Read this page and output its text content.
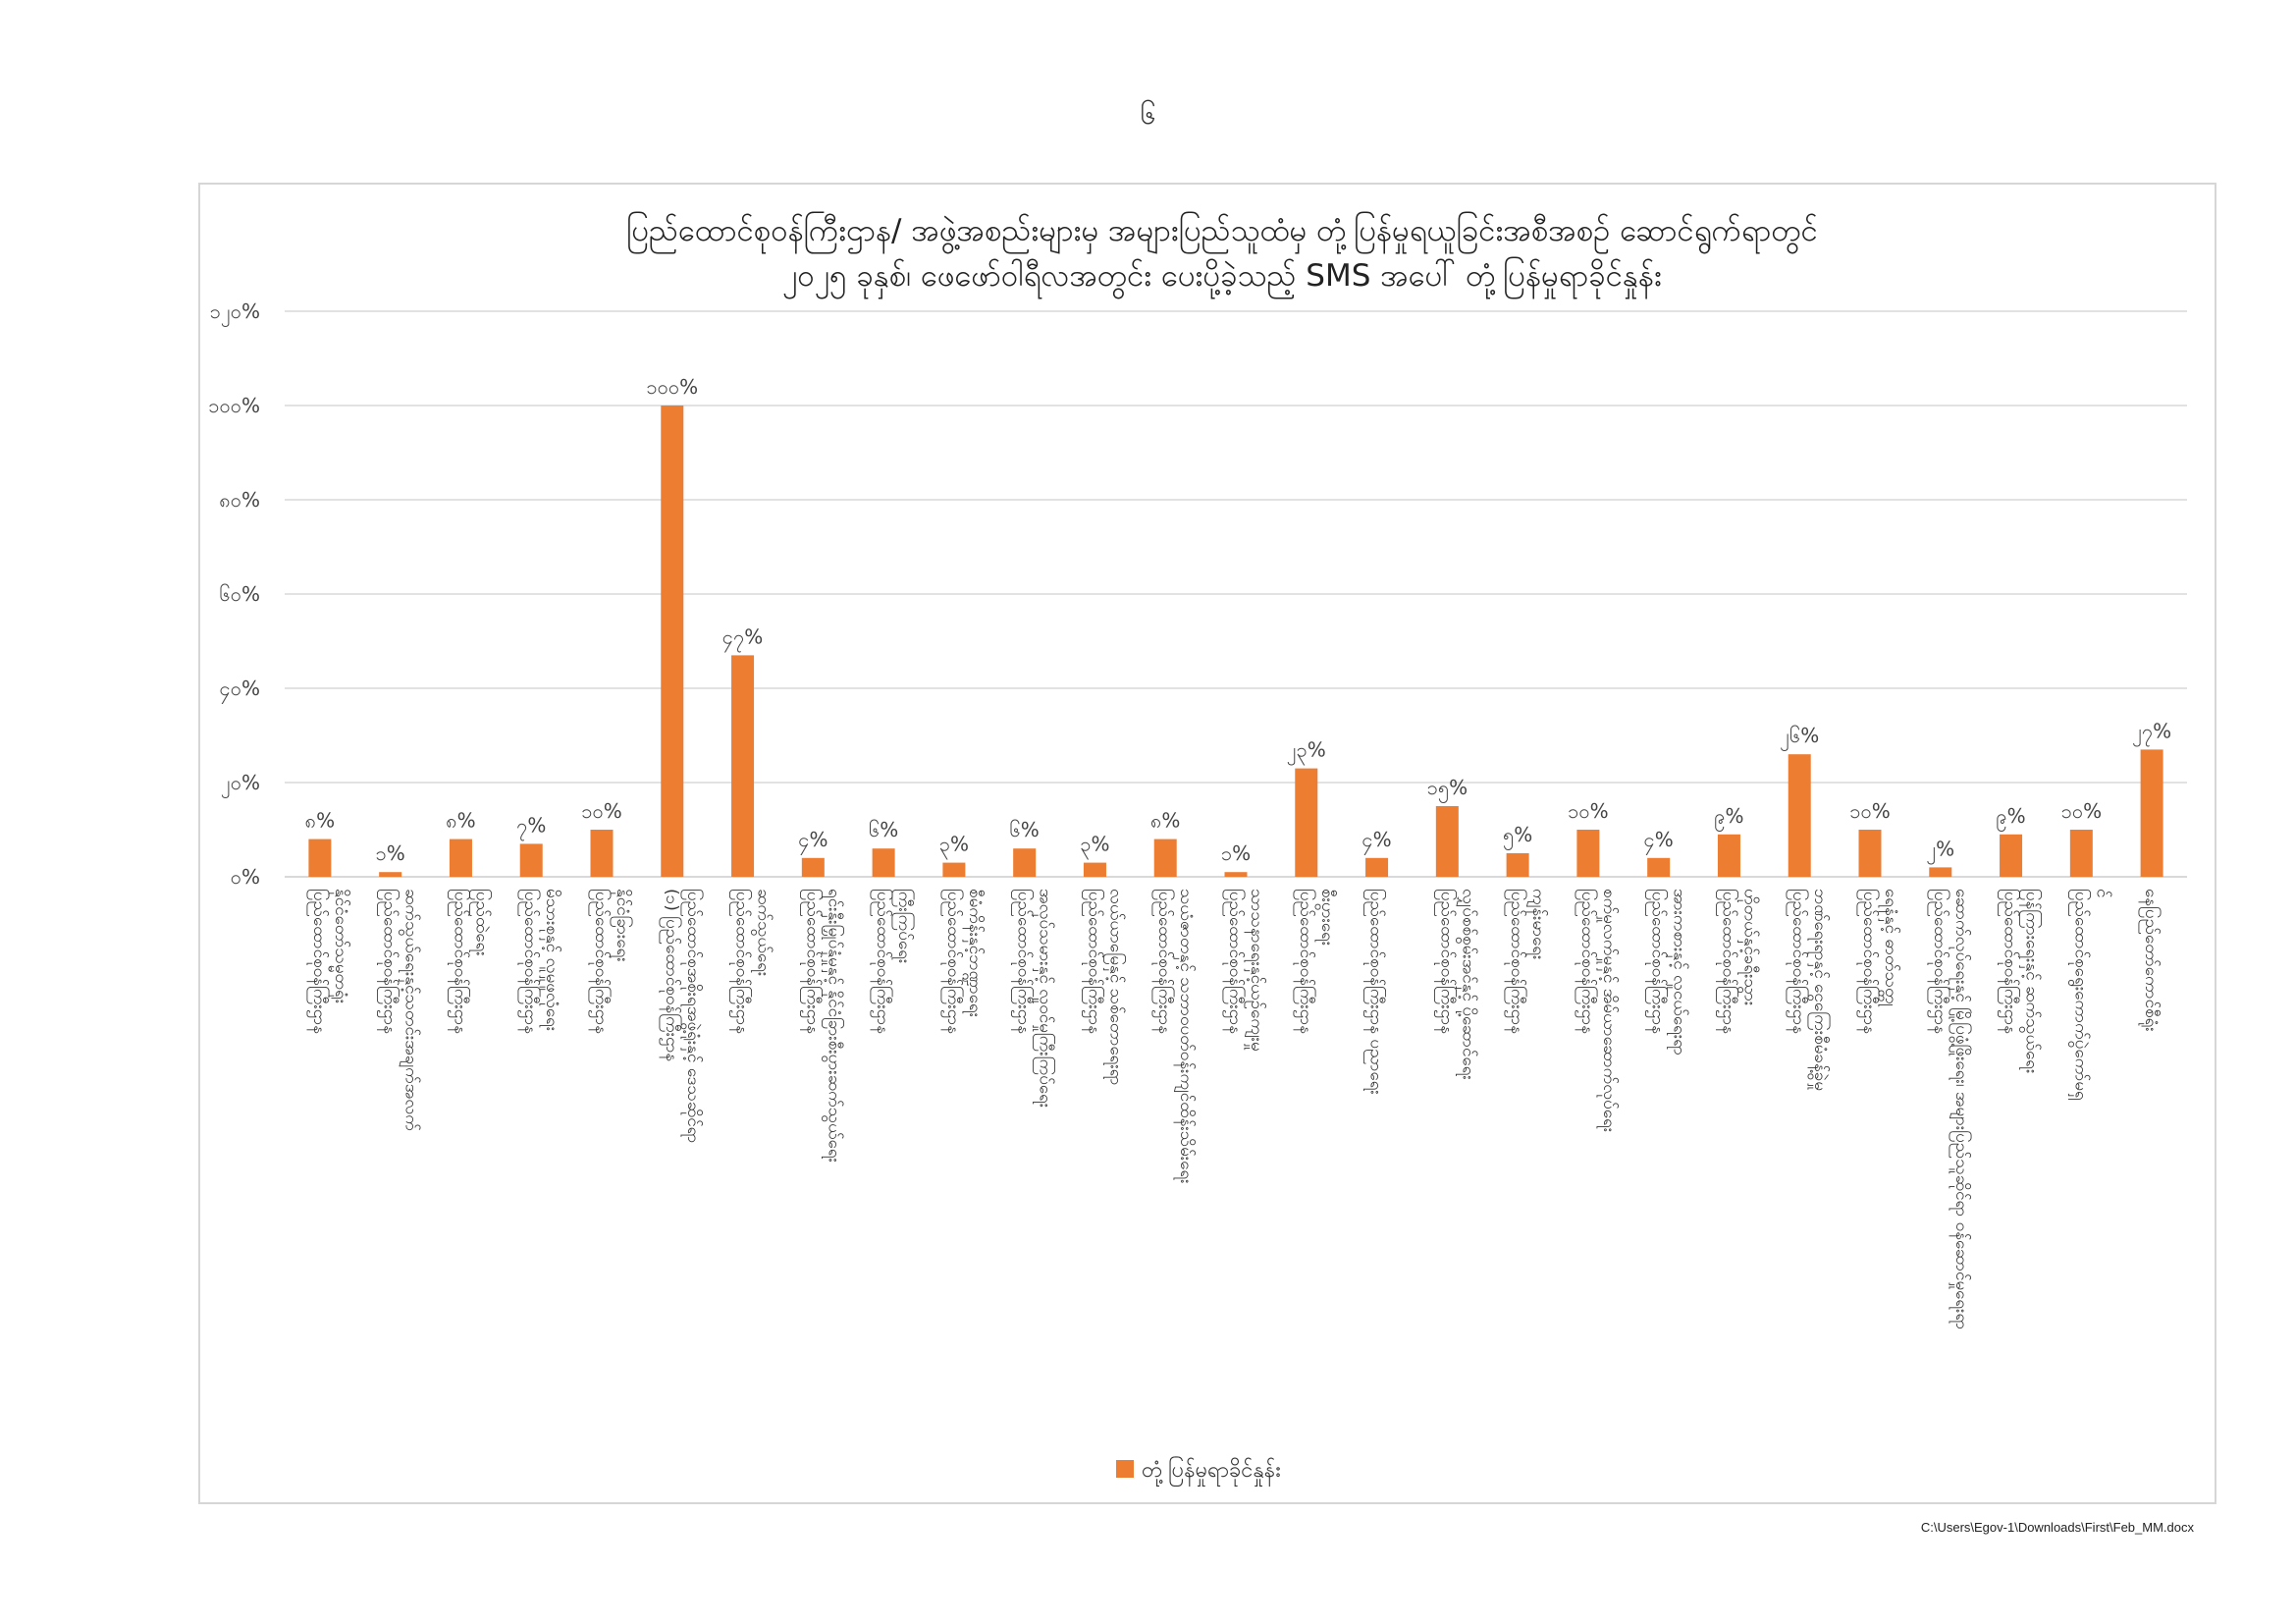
၆
ပြည်ထောင်စုဝန်ကြီးဌာန/ အဖွဲ့အစည်းများမှ အများပြည်သူထံမှ တုံ့ပြန်မှုရယူခြင်းအစီအစဉ် ဆောင်ရွက်ရာတွင်
၂၀၂၅ ခုနှစ်၊ ဖေဖော်ဝါရီလအတွင်း ပေးပို့ခဲ့သည့် SMS အပေါ် တုံ့ပြန်မှုရာခိုင်နှုန်း
၀%
၂၀%
၄၀%
၆၀%
၈၀%
၁၀၀%
၁၂၀%
၈%
၁%
၈% ၇%
၁၀%
၁၀၀%
၄၇%
၄% ၆%
၃%
၆%
၃%
၈%
၁%
၂၃%
၄%
၁၅%
၅%
၁၀%
၄%
၉%
၂၆%
၁၀%
၂%
၉% ၁၀%
၂၇%
ပြည်ထောင်စုဝန်ကြီးဌာန နိုင်ငံတော်သမ္မတရုံး ပြည်ထောင်စုဝန်ကြီးဌာန ဆက်သွယ်ရေးနှင့်သတင်းအချက်အလက် ပြည်ထောင်စုဝန်ကြီးဌာန ပြည်ထဲရေး ပြည်ထောင်စုဝန်ကြီးဌာန မိသားစုနှင့် လူမှုဖူလုံရေး ပြည်ထောင်စုဝန်ကြီးဌာန နိုင်ငံခြားရေး (၁) ပြည်ထောင်စုဝန်ကြီးဌာန ပြည်ထောင်စုအစိုးရအဖွဲ့ရုံးနှင့် ဒေသဆိုင်ရာ ပြည်ထောင်စုဝန်ကြီးဌာန ဆက်သွယ်ရေး ပြည်ထောင်စုဝန်ကြီးဌာန ရင်းနှီးမြှုပ်နှံမှုနှင့် နိုင်ငံခြားစီးပွားဆက်သွယ်ရေး ပြည်ထောင်စုဝန်ကြီးဌာန ကြီးကြပ်ရေး ပြည်ထောင်စုဝန်ကြီးဌာန စီမံကိန်းနှင့်ဘဏ္ဍာရေး ပြည်ထောင်စုဝန်ကြီးဌာန အလုပ်သမားနှင့် လူဝင်မှုကြီးကြပ်ရေး ပြည်ထောင်စုဝန်ကြီးဌာန လယ်ယာမြေနှင့် သစ်တောရေးရာ ပြည်ထောင်စုဝန်ကြီးဌာန သယံဇာတနှင့် သဘာဝပတ်ဝန်းကျင်ထိန်းသိမ်းရေး ပြည်ထောင်စုဝန်ကြီးဌာန သာသနာရေးနှင့်ယဉ်ကျေးမှု ပြည်ထောင်စုဝန်ကြီးဌာန စီးပွားရေး ပြည်ထောင်စုဝန်ကြီးဌာန ပညာရေး	ပြည်ထောင်စုဝန်ကြီးဌာန လျှပ်စစ်စွမ်းအင်နှင့် ပို့ဆောင်ရေး ပြည်ထောင်စုဝန်ကြီးဌာန ကျန်းမာရေး ပြည်ထောင်စုဝန်ကြီးဌာန စက်မှုလက်မှုနှင့် အိမ်ယာဆောက်လုပ်ရေး ပြည်ထောင်စုဝန်ကြီးဌာန အားကစားနှင့် လူငယ်ရေးရာ ပြည်ထောင်စုဝန်ကြီးဌာန ဟိုတယ်နှင့်ခရီးသွား ပြည်ထောင်စုဝန်ကြီးဌာန ဘဏ်ရေးရာနှင့် ငွေကြေးစီမံခန့်ခွဲမှု ပြည်ထောင်စုဝန်ကြီးဌာန ရေနံနှင့် ဓာတ်သတ္တု ပြည်ထောင်စုဝန်ကြီးဌာန ဆောက်လုပ်ရေးနှင့် မြို့ပြဖွံ့ဖြိုးရေး၊ အများပြည်သူဆိုင်ရာ ဝန်ဆောင်မှုရေးရာ ပြည်ထောင်စုဝန်ကြီးဌာန ပြန်ကြားရေးနှင့် ဆက်သွယ်ရေး ပြည်ထောင်စုရွေးကောက်ပွဲကော်မရှ င် နေပြည်တော်ကောင်စီရုံး
တုံ့ပြန်မှုရာခိုင်နှုန်း
C:\Users\Egov-1\Downloads\First\Feb_MM.docx
